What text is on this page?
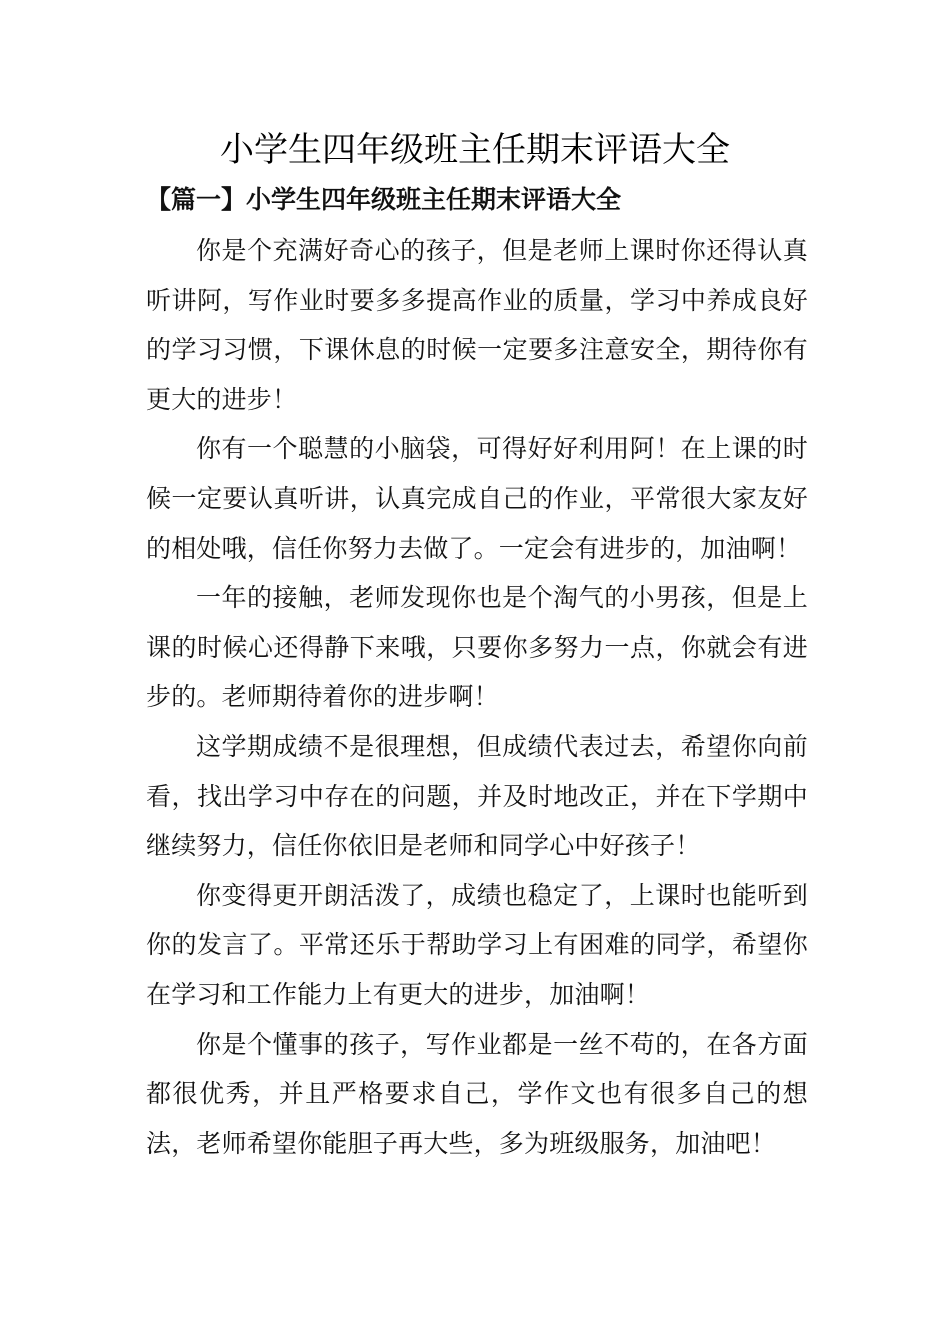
小学生四年级班主任期末评语大全
【篇一】小学生四年级班主任期末评语大全

你是个充满好奇心的孩子，但是老师上课时你还得认真听讲阿，写作业时要多多提高作业的质量，学习中养成良好的学习习惯，下课休息的时候一定要多注意安全，期待你有更大的进步！

你有一个聪慧的小脑袋，可得好好利用阿！在上课的时候一定要认真听讲，认真完成自己的作业，平常很大家友好的相处哦，信任你努力去做了。一定会有进步的，加油啊！

一年的接触，老师发现你也是个淘气的小男孩，但是上课的时候心还得静下来哦，只要你多努力一点，你就会有进步的。老师期待着你的进步啊！

这学期成绩不是很理想，但成绩代表过去，希望你向前看，找出学习中存在的问题，并及时地改正，并在下学期中继续努力，信任你依旧是老师和同学心中好孩子！

你变得更开朗活泼了，成绩也稳定了，上课时也能听到你的发言了。平常还乐于帮助学习上有困难的同学，希望你在学习和工作能力上有更大的进步，加油啊！

你是个懂事的孩子，写作业都是一丝不苟的，在各方面都很优秀，并且严格要求自己，学作文也有很多自己的想法，老师希望你能胆子再大些，多为班级服务，加油吧！
